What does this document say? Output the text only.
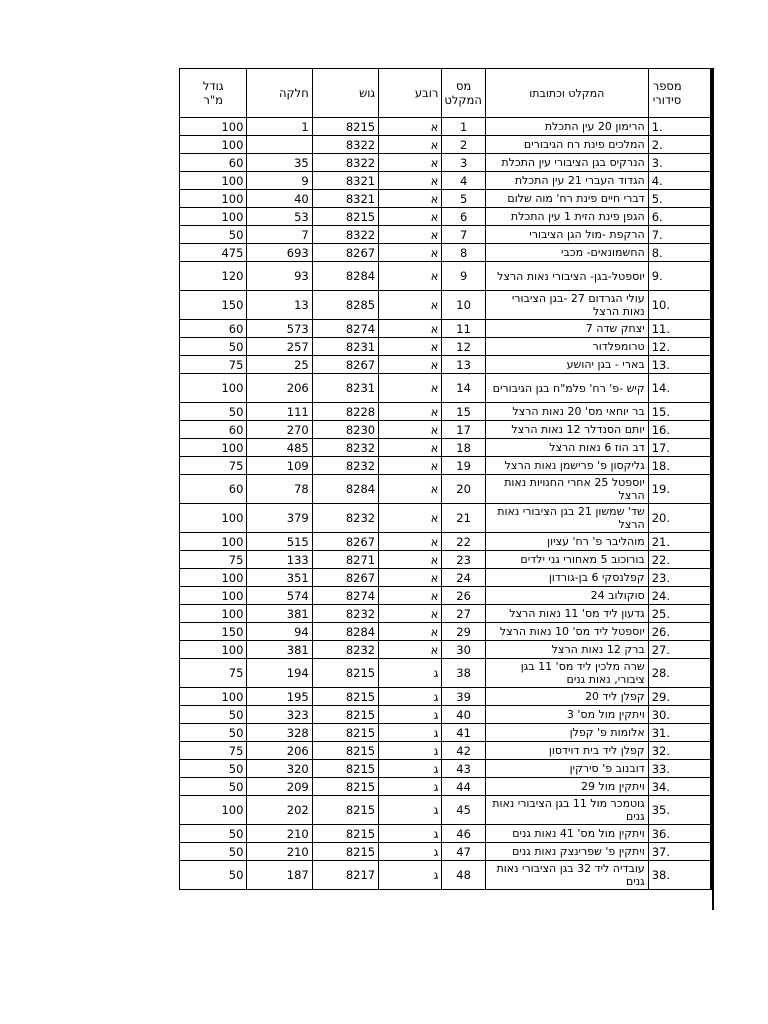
גודל
מ"ר	חלקה	גוש	רובע	מס
המקלט	המקלט וכתובתו	מספר
סידורי

100	1	8215	א	1	הרימון 20 עין התכלת	1.
100		8322	א	2	המלכים פינת רח הגיבורים	2.
60	35	8322	א	3	הנרקיס בגן הציבורי עין התכלת	3.
100	9	8321	א	4	הגדוד העברי 21 עין התכלת	4.
100	40	8321	א	5	דברי חיים פינת רח' מוה שלום	5.
100	53	8215	א	6	הגפן פינת הזית 1 עין התכלת	6.
50	7	8322	א	7	הרקפת -מול הגן הציבורי	7.
475	693	8267	א	8	החשמונאים- מכבי	8.
120	93	8284	א	9	יוספטל-בגן- הציבורי נאות הרצל	9.
150	13	8285	א	10	עולי הגרדום 27 -בגן הציבורי נאות הרצל	10.
60	573	8274	א	11	יצחק שדה 7	11.
50	257	8231	א	12	טרומפלדור	12.
75	25	8267	א	13	בארי - בגן יהושע	13.
100	206	8231	א	14	קיש -פ' רח' פלמ"ח בגן הגיבורים	14.
50	111	8228	א	15	בר יוחאי מס' 20 נאות הרצל	15.
60	270	8230	א	17	יותם הסנדלר 12 נאות הרצל	16.
100	485	8232	א	18	דב הוז 6 נאות הרצל	17.
75	109	8232	א	19	גליקסון פ' פרישמן נאות הרצל	18.
60	78	8284	א	20	יוספטל 25 אחרי החנויות נאות הרצל	19.
100	379	8232	א	21	שד' שמשון 21 בגן הציבורי נאות הרצל	20.
100	515	8267	א	22	מוהליבר פ' רח' עציון	21.
75	133	8271	א	23	בורוכוב 5 מאחורי גני ילדים	22.
100	351	8267	א	24	קפלנסקי 6 בן-גורדון	23.
100	574	8274	א	26	סוקולוב 24	24.
100	381	8232	א	27	גדעון ליד מס' 11 נאות הרצל	25.
150	94	8284	א	29	יוספטל ליד מס' 10 נאות הרצל	26.
100	381	8232	א	30	ברק 12 נאות הרצל	27.
75	194	8215	ג	38	שרה מלכין ליד מס' 11 בגן ציבורי, נאות גנים	28.
100	195	8215	ג	39	קפלן ליד 20	29.
50	323	8215	ג	40	ויתקין מול מס' 3	30.
50	328	8215	ג	41	אלומות פ' קפלן	31.
75	206	8215	ג	42	קפלן ליד בית דוידסון	32.
50	320	8215	ג	43	דובנוב פ' סירקין	33.
50	209	8215	ג	44	ויתקין מול 29	34.
100	202	8215	ג	45	גוטמכר מול 11 בגן הציבורי נאות גנים	35.
50	210	8215	ג	46	ויתקין מול מס' 41 נאות גנים	36.
50	210	8215	ג	47	ויתקין פ' שפרינצק נאות גנים	37.
50	187	8217	ג	48	עובדיה ליד 32 בגן הציבורי נאות גנים	38.
